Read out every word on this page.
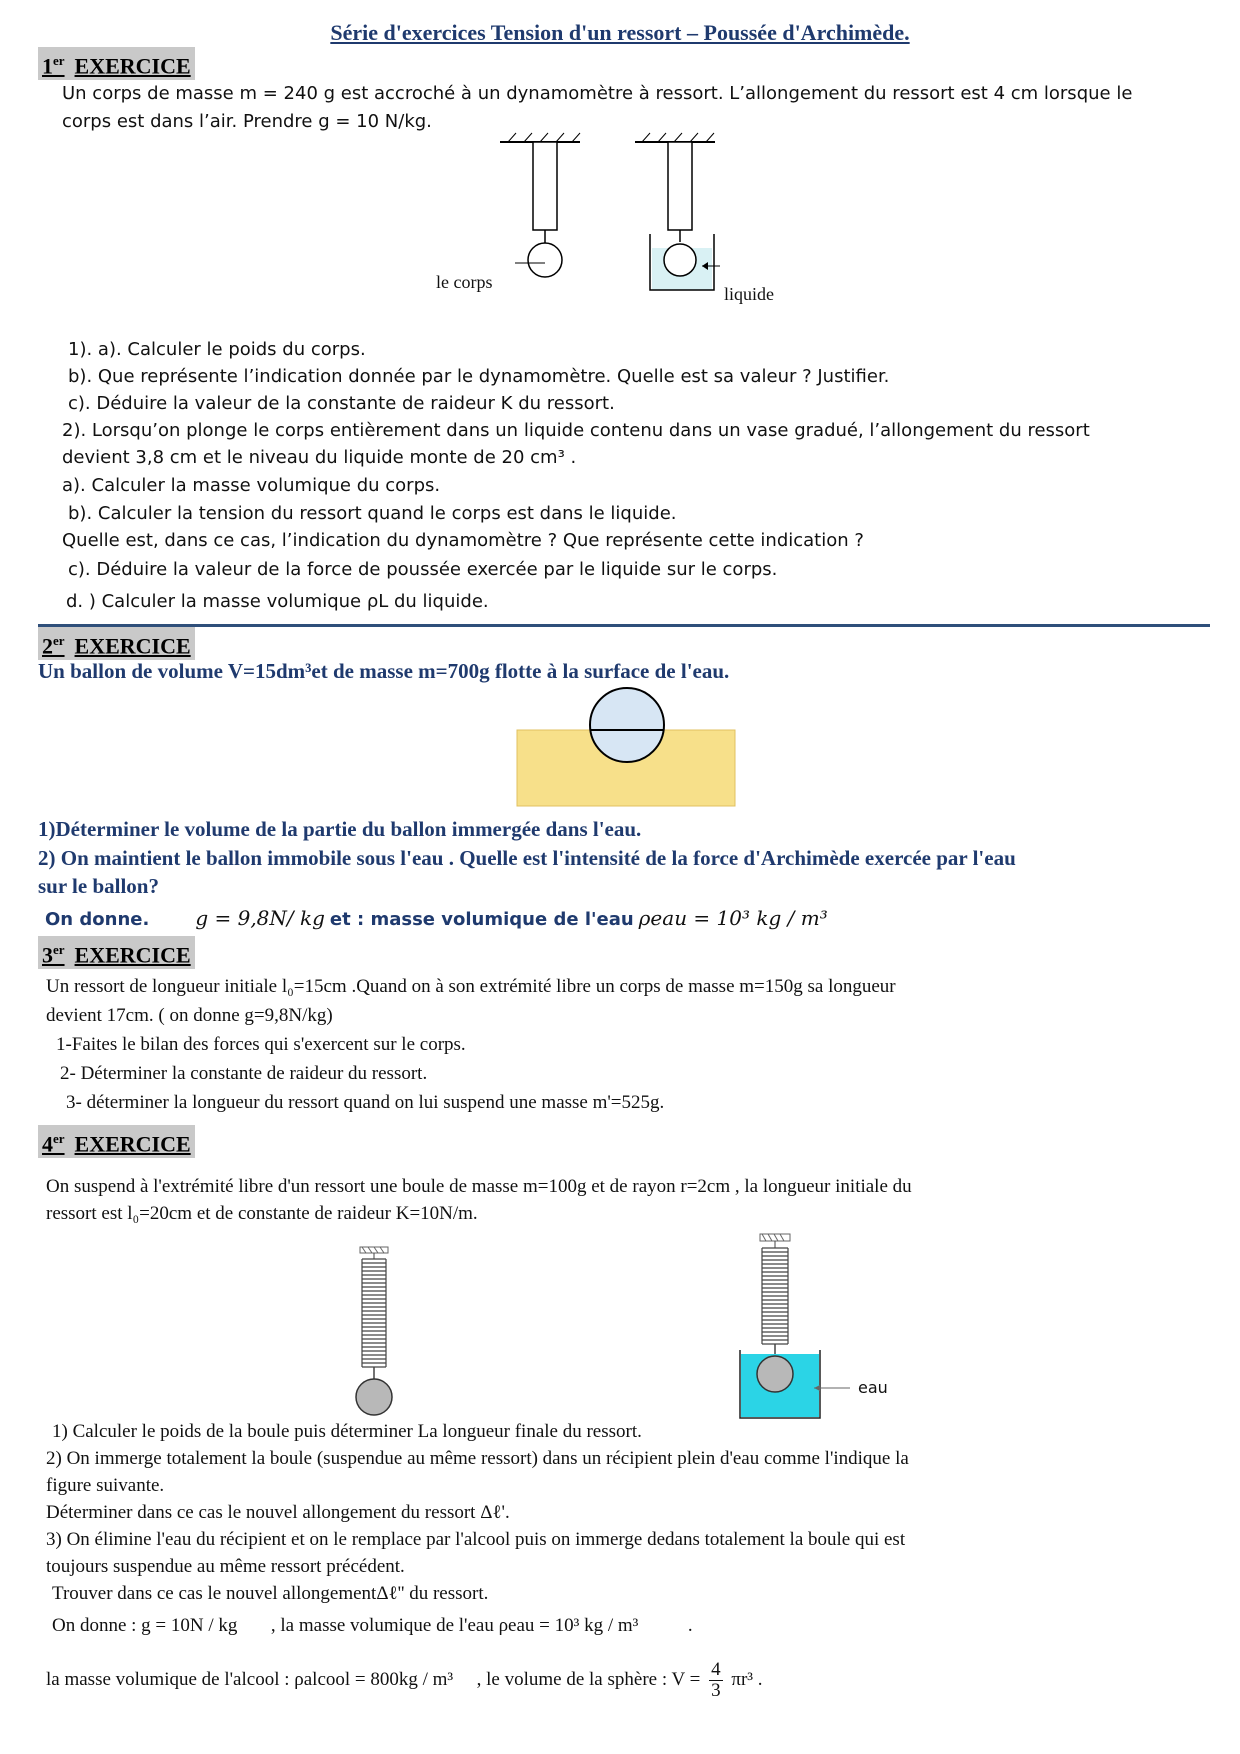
Série d'exercices Tension d'un ressort – Poussée d'Archimède.
1er EXERCICE
Un corps de masse m = 240 g est accroché à un dynamomètre à ressort. L’allongement du ressort est 4 cm lorsque le
corps est dans l’air. Prendre g = 10 N/kg.
le corps
liquide
1). a). Calculer le poids du corps.
b). Que représente l’indication donnée par le dynamomètre. Quelle est sa valeur ? Justifier.
c). Déduire la valeur de la constante de raideur K du ressort.
2). Lorsqu’on plonge le corps entièrement dans un liquide contenu dans un vase gradué, l’allongement du ressort
devient 3,8 cm et le niveau du liquide monte de 20 cm³ .
a). Calculer la masse volumique du corps.
b). Calculer la tension du ressort quand le corps est dans le liquide.
Quelle est, dans ce cas, l’indication du dynamomètre ? Que représente cette indication ?
c). Déduire la valeur de la force de poussée exercée par le liquide sur le corps.
d. ) Calculer la masse volumique ρL du liquide.
2er EXERCICE
Un ballon de volume V=15dm³et de masse m=700g flotte à la surface de l'eau.
1)Déterminer le volume de la partie du ballon immergée dans l'eau.
2) On maintient le ballon immobile sous l'eau . Quelle est l'intensité de la force d'Archimède exercée par l'eau
sur le ballon?
On donne. g = 9,8N/ kg et : masse volumique de l'eau ρeau = 10³ kg / m³
3er EXERCICE
Un ressort de longueur initiale l₀=15cm .Quand on à son extrémité libre un corps de masse m=150g sa longueur
devient 17cm. ( on donne g=9,8N/kg)
1-Faites le bilan des forces qui s'exercent sur le corps.
2- Déterminer la constante de raideur du ressort.
3- déterminer la longueur du ressort quand on lui suspend une masse m'=525g.
4er EXERCICE
On suspend à l'extrémité libre d'un ressort une boule de masse m=100g et de rayon r=2cm , la longueur initiale du
ressort est l₀=20cm et de constante de raideur K=10N/m.
eau
1) Calculer le poids de la boule puis déterminer La longueur finale du ressort.
2) On immerge totalement la boule (suspendue au même ressort) dans un récipient plein d'eau comme l'indique la
figure suivante.
Déterminer dans ce cas le nouvel allongement du ressort Δℓ'.
3) On élimine l'eau du récipient et on le remplace par l'alcool puis on immerge dedans totalement la boule qui est
toujours suspendue au même ressort précédent.
Trouver dans ce cas le nouvel allongementΔℓ'' du ressort.
On donne : g = 10N / kg , la masse volumique de l'eau ρeau = 10³ kg / m³	.
la masse volumique de l'alcool : ρalcool = 800kg / m³ , le volume de la sphère : $V = \frac{4}{3} \pi r^3$ .
